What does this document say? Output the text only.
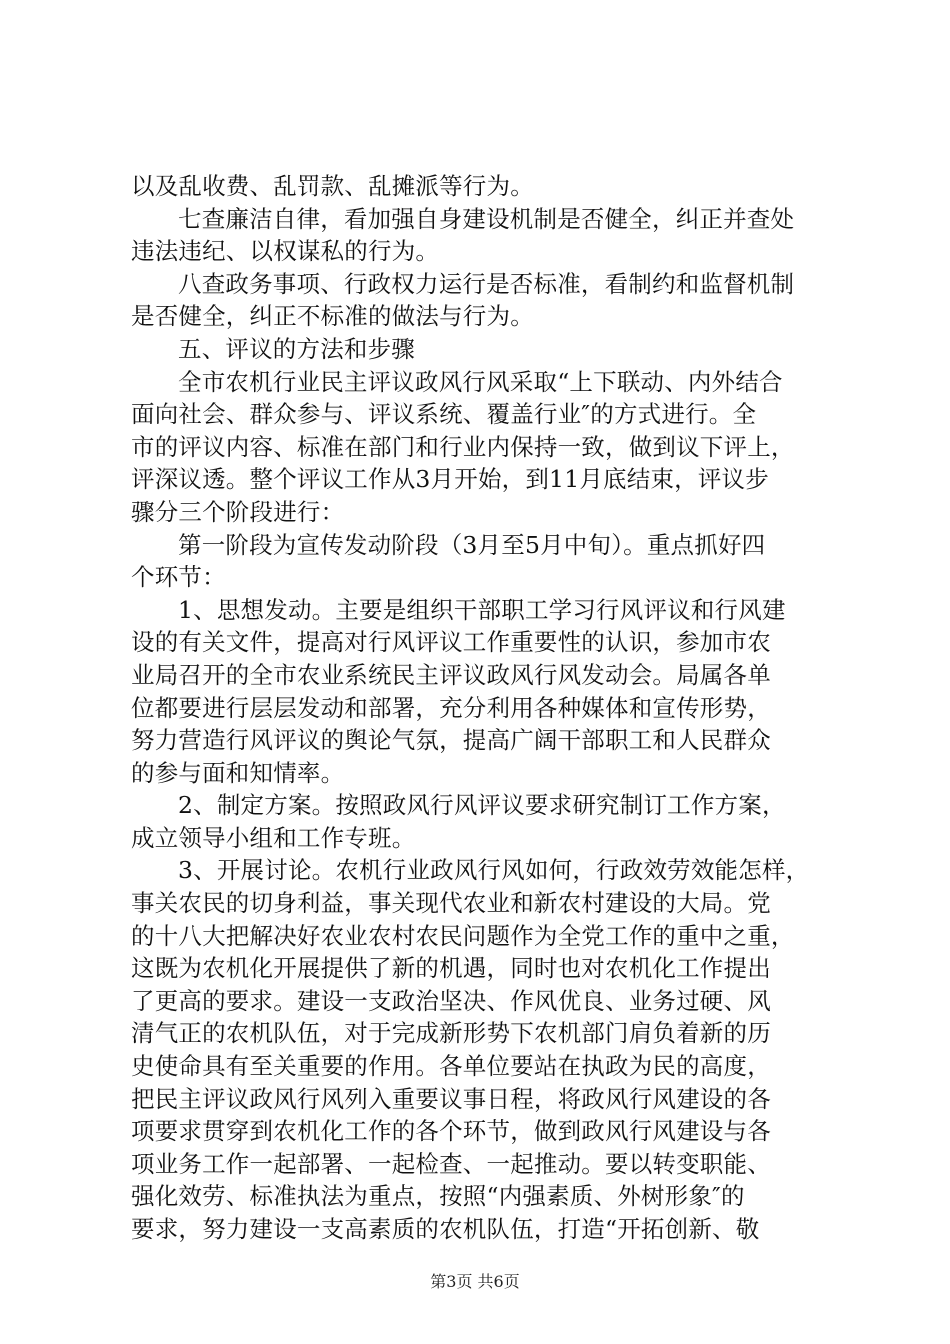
以及乱收费、乱罚款、乱摊派等行为。
七查廉洁自律，看加强自身建设机制是否健全，纠正并查处
违法违纪、以权谋私的行为。
八查政务事项、行政权力运行是否标准，看制约和监督机制
是否健全，纠正不标准的做法与行为。
五、评议的方法和步骤
全市农机行业民主评议政风行风采取“上下联动、内外结合
面向社会、群众参与、评议系统、覆盖行业″的方式进行。全
市的评议内容、标准在部门和行业内保持一致，做到议下评上，
评深议透。整个评议工作从3月开始，到11月底结束，评议步
骤分三个阶段进行：
第一阶段为宣传发动阶段（3月至5月中旬）。重点抓好四
个环节：
1、思想发动。主要是组织干部职工学习行风评议和行风建
设的有关文件，提高对行风评议工作重要性的认识，参加市农
业局召开的全市农业系统民主评议政风行风发动会。局属各单
位都要进行层层发动和部署，充分利用各种媒体和宣传形势，
努力营造行风评议的舆论气氛，提高广阔干部职工和人民群众
的参与面和知情率。
2、制定方案。按照政风行风评议要求研究制订工作方案，
成立领导小组和工作专班。
3、开展讨论。农机行业政风行风如何，行政效劳效能怎样，
事关农民的切身利益，事关现代农业和新农村建设的大局。党
的十八大把解决好农业农村农民问题作为全党工作的重中之重，
这既为农机化开展提供了新的机遇，同时也对农机化工作提出
了更高的要求。建设一支政治坚决、作风优良、业务过硬、风
清气正的农机队伍，对于完成新形势下农机部门肩负着新的历
史使命具有至关重要的作用。各单位要站在执政为民的高度，
把民主评议政风行风列入重要议事日程，将政风行风建设的各
项要求贯穿到农机化工作的各个环节，做到政风行风建设与各
项业务工作一起部署、一起检查、一起推动。要以转变职能、
强化效劳、标准执法为重点，按照“内强素质、外树形象″的
要求，努力建设一支高素质的农机队伍，打造“开拓创新、敬
第3页 共6页
